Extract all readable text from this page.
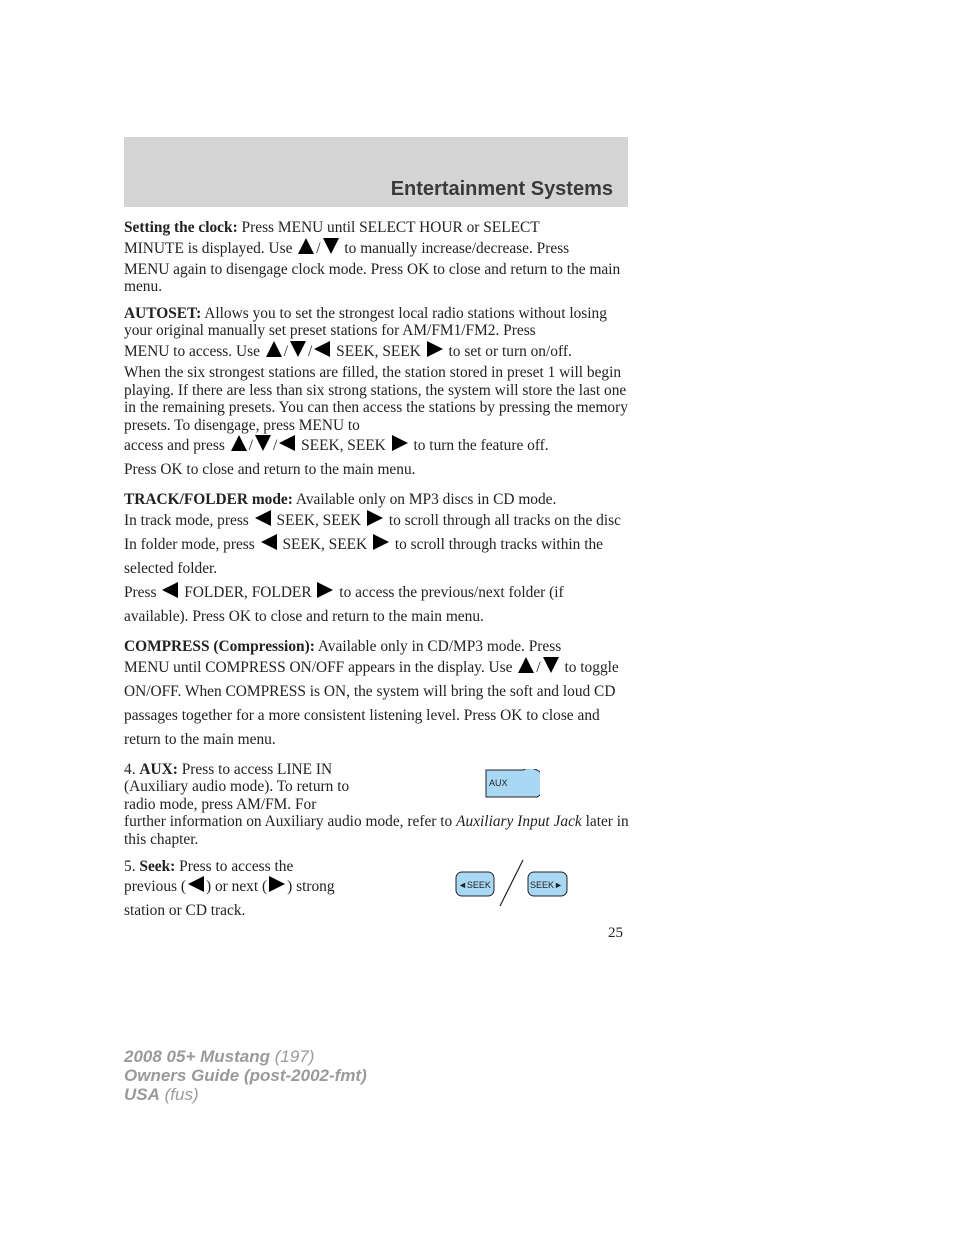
Entertainment Systems
Setting the clock: Press MENU until SELECT HOUR or SELECT
MINUTE is displayed. Use / to manually increase/decrease. Press
MENU again to disengage clock mode. Press OK to close and return to the main menu.
AUTOSET: Allows you to set the strongest local radio stations without losing your original manually set preset stations for AM/FM1/FM2. Press
MENU to access. Use / / SEEK, SEEK  to set or turn on/off.
When the six strongest stations are filled, the station stored in preset 1 will begin playing. If there are less than six strong stations, the system will store the last one in the remaining presets. You can then access the stations by pressing the memory presets. To disengage, press MENU to
access and press / / SEEK, SEEK  to turn the feature off.
Press OK to close and return to the main menu.
TRACK/FOLDER mode: Available only on MP3 discs in CD mode.
In track mode, press  SEEK, SEEK  to scroll through all tracks on the disc
In folder mode, press  SEEK, SEEK  to scroll through tracks within the selected folder.
Press  FOLDER, FOLDER  to access the previous/next folder (if available). Press OK to close and return to the main menu.
COMPRESS (Compression): Available only in CD/MP3 mode. Press
MENU until COMPRESS ON/OFF appears in the display. Use / to toggle ON/OFF. When COMPRESS is ON, the system will bring the soft and loud CD passages together for a more consistent listening level. Press OK to close and return to the main menu.
4. AUX: Press to access LINE IN (Auxiliary audio mode). To return to radio mode, press AM/FM. For
further information on Auxiliary audio mode, refer to Auxiliary Input Jack later in this chapter.
5. Seek: Press to access the
previous ( ) or next ( ) strong station or CD track.
AUX
◄SEEK	SEEK►
25
2008 05+ Mustang (197)
Owners Guide (post-2002-fmt)
USA (fus)
